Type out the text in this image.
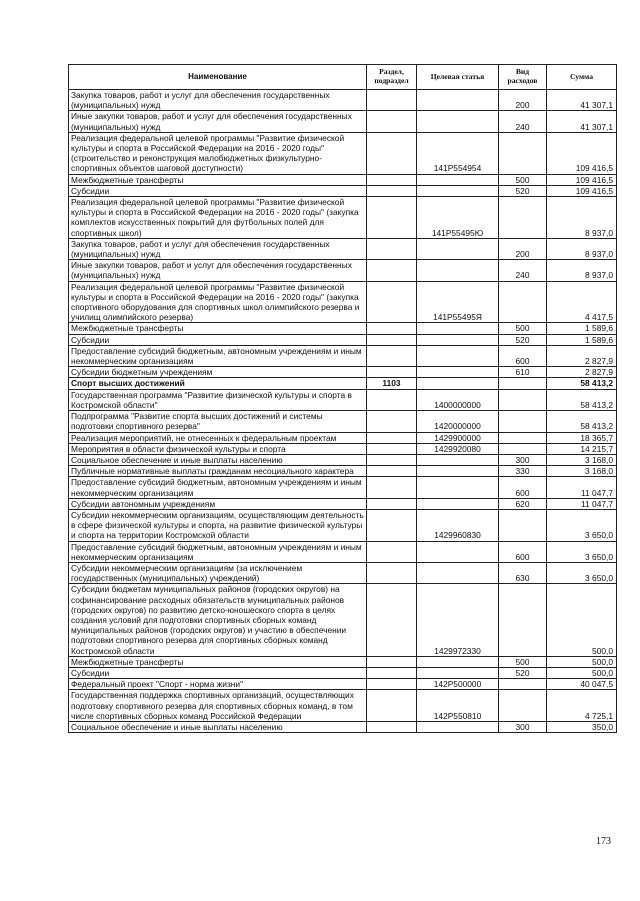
Наименование	Раздел, подраздел	Целевая статья	Вид расходов	Сумма
Закупка товаров, работ и услуг для обеспечения государственных (муниципальных) нужд			200	41 307,1
Иные закупки товаров, работ и услуг для обеспечения государственных (муниципальных) нужд			240	41 307,1
Реализация федеральной целевой программы "Развитие физической культуры и спорта в Российской Федерации на 2016 - 2020 годы" (строительство и реконструкция малобюджетных физкультурно-спортивных объектов шаговой доступности)		141Р554954		109 416,5
Межбюджетные трансферты			500	109 416,5
Субсидии			520	109 416,5
Реализация федеральной целевой программы "Развитие физической культуры и спорта в Российской Федерации на 2016 - 2020 годы" (закупка комплектов искусственных покрытий для футбольных полей для спортивных школ)		141Р55495Ю		8 937,0
Закупка товаров, работ и услуг для обеспечения государственных (муниципальных) нужд			200	8 937,0
Иные закупки товаров, работ и услуг для обеспечения государственных (муниципальных) нужд			240	8 937,0
Реализация федеральной целевой программы "Развитие физической культуры и спорта в Российской Федерации на 2016 - 2020 годы" (закупка спортивного оборудования для спортивных школ олимпийского резерва и училищ олимпийского резерва)		141Р55495Я		4 417,5
Межбюджетные трансферты			500	1 589,6
Субсидии			520	1 589,6
Предоставление субсидий бюджетным, автономным учреждениям и иным некоммерческим организациям			600	2 827,9
Субсидии бюджетным учреждениям			610	2 827,9
Спорт высших достижений	1103			58 413,2
Государственная программа "Развитие физической культуры и спорта в Костромской области"		1400000000		58 413,2
Подпрограмма "Развитие спорта высших достижений и системы подготовки спортивного резерва"		1420000000		58 413,2
Реализация мероприятий, не отнесенных к федеральным проектам		1429900000		18 365,7
Мероприятия в области физической культуры и спорта		1429920080		14 215,7
Социальное обеспечение и иные выплаты населению			300	3 168,0
Публичные нормативные выплаты гражданам несоциального характера			330	3 168,0
Предоставление субсидий бюджетным, автономным учреждениям и иным некоммерческим организациям			600	11 047,7
Субсидии автономным учреждениям			620	11 047,7
Субсидии некоммерческим организациям, осуществляющим деятельность в сфере физической культуры и спорта, на развитие физической культуры и спорта на территории Костромской области		1429960830		3 650,0
Предоставление субсидий бюджетным, автономным учреждениям и иным некоммерческим организациям			600	3 650,0
Субсидии некоммерческим организациям (за исключением государственных (муниципальных) учреждений)			630	3 650,0
Субсидии бюджетам муниципальных районов (городских округов) на софинансирование расходных обязательств муниципальных районов (городских округов) по развитию детско-юношеского спорта в целях создания условий для подготовки спортивных сборных команд муниципальных районов (городских округов) и участию в обеспечении подготовки спортивного резерва для спортивных сборных команд Костромской области		1429972330		500,0
Межбюджетные трансферты			500	500,0
Субсидии			520	500,0
Федеральный проект "Спорт - норма жизни"		142Р500000		40 047,5
Государственная поддержка спортивных организаций, осуществляющих подготовку спортивного резерва для спортивных сборных команд, в том числе спортивных сборных команд Российской Федерации		142Р550810		4 725,1
Социальное обеспечение и иные выплаты населению			300	350,0
173
